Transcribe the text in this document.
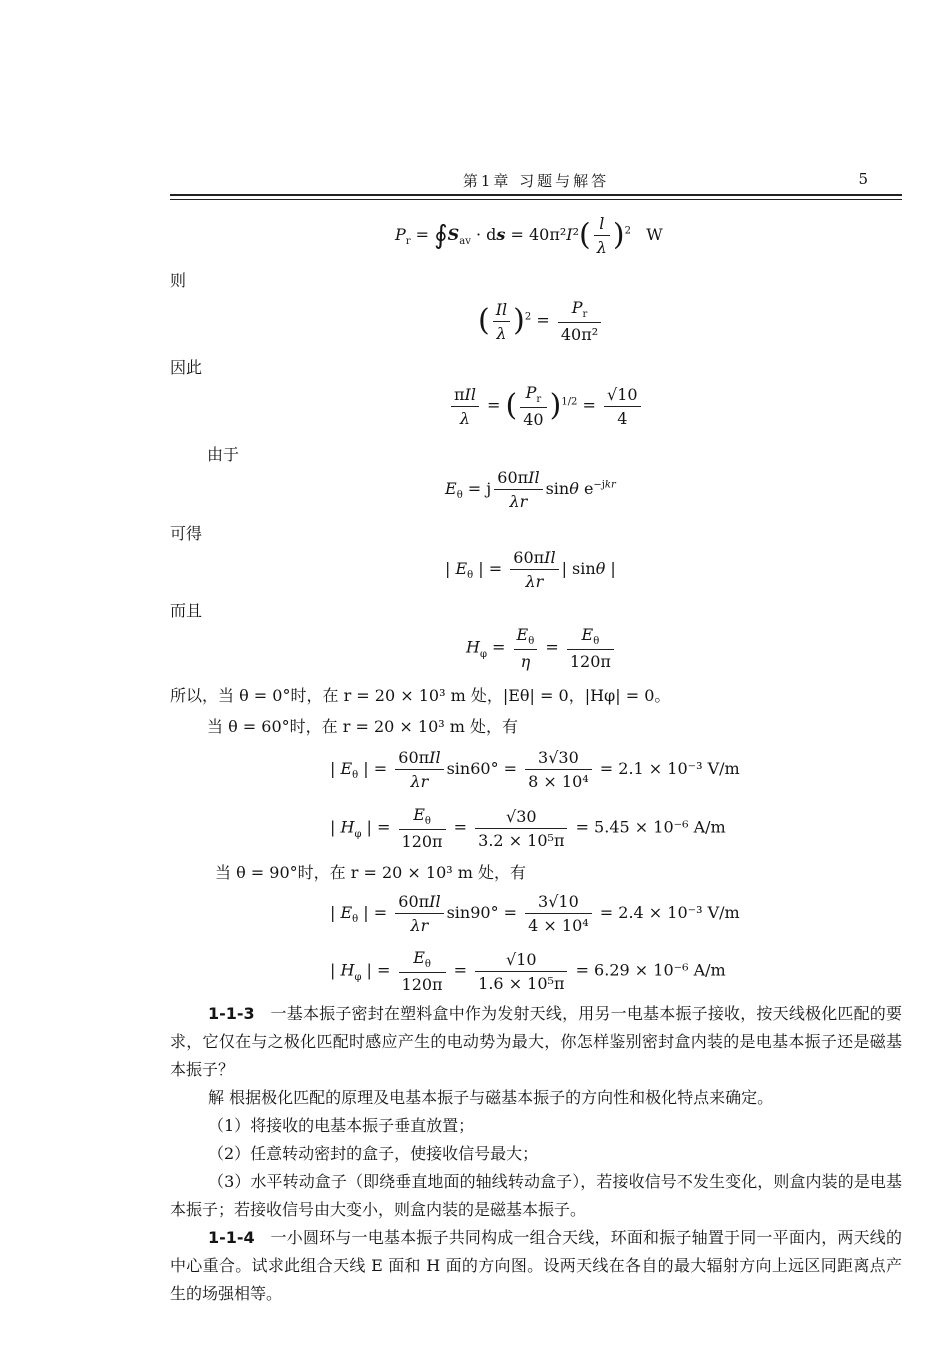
第1章 习题与解答	5
$P_r$ = $∮S_{av}$ · ds = $40\pi^2I^2( \frac{l}{\lambda} )^2$ W
则
( $\frac{Il}{\lambda} )^2 = \frac{P_r}{\text{40π²}}$
因此
$\frac{\text{πIl}}{\lambda}$ = ( $\frac{P_r}{40} )^{1/2} = \frac{√10}{4}$
由于
$E_\theta = j \frac{\text{60πIl}}{\lambda r}$ sinθ $e^{-jkr}$
可得
| $E_\theta$ | = $\frac{\text{60πIl}}{\lambda r}$ | sinθ |
而且
$H_\varphi = \frac{E_\theta}{\eta} = \frac{E_\theta}{120\pi}$
所以，当 θ = 0°时，在 r = 20 × 10³ m 处，|Eθ| = 0，|Hφ| = 0。
当 θ = 60°时，在 r = 20 × 10³ m 处，有
| $E_\theta$ | = $\frac{\text{60πIl}}{\lambda r} \sin 60^\circ = \frac{3√30}{\text{8 × 10⁴}} = 2.1 \times 10^{-3}$ V/m
| $H_\varphi$ | = $\frac{E_\theta}{120\pi} = \frac{√30}{\text{3.2 × 10⁵π}} = 5.45 \times 10^{-6}$ A/m
当 θ = 90°时，在 r = 20 × 10³ m 处，有
| $E_\theta$ | = $\frac{\text{60πIl}}{\lambda r} \sin 90^\circ = \frac{3√10}{\text{4 × 10⁴}} = 2.4 \times 10^{-3}$ V/m
| $H_\varphi$ | = $\frac{E_\theta}{120\pi} = \frac{√10}{\text{1.6 × 10⁵π}} = 6.29 \times 10^{-6}$ A/m
1-1-3 一基本振子密封在塑料盒中作为发射天线，用另一电基本振子接收，按天线极化匹配的要求，它仅在与之极化匹配时感应产生的电动势为最大，你怎样鉴别密封盒内装的是电基本振子还是磁基本振子？
解 根据极化匹配的原理及电基本振子与磁基本振子的方向性和极化特点来确定。
（1）将接收的电基本振子垂直放置；
（2）任意转动密封的盒子，使接收信号最大；
（3）水平转动盒子（即绕垂直地面的轴线转动盒子），若接收信号不发生变化，则盒内装的是电基本振子；若接收信号由大变小，则盒内装的是磁基本振子。
1-1-4 一小圆环与一电基本振子共同构成一组合天线，环面和振子轴置于同一平面内，两天线的中心重合。试求此组合天线 E 面和 H 面的方向图。设两天线在各自的最大辐射方向上远区同距离点产生的场强相等。
